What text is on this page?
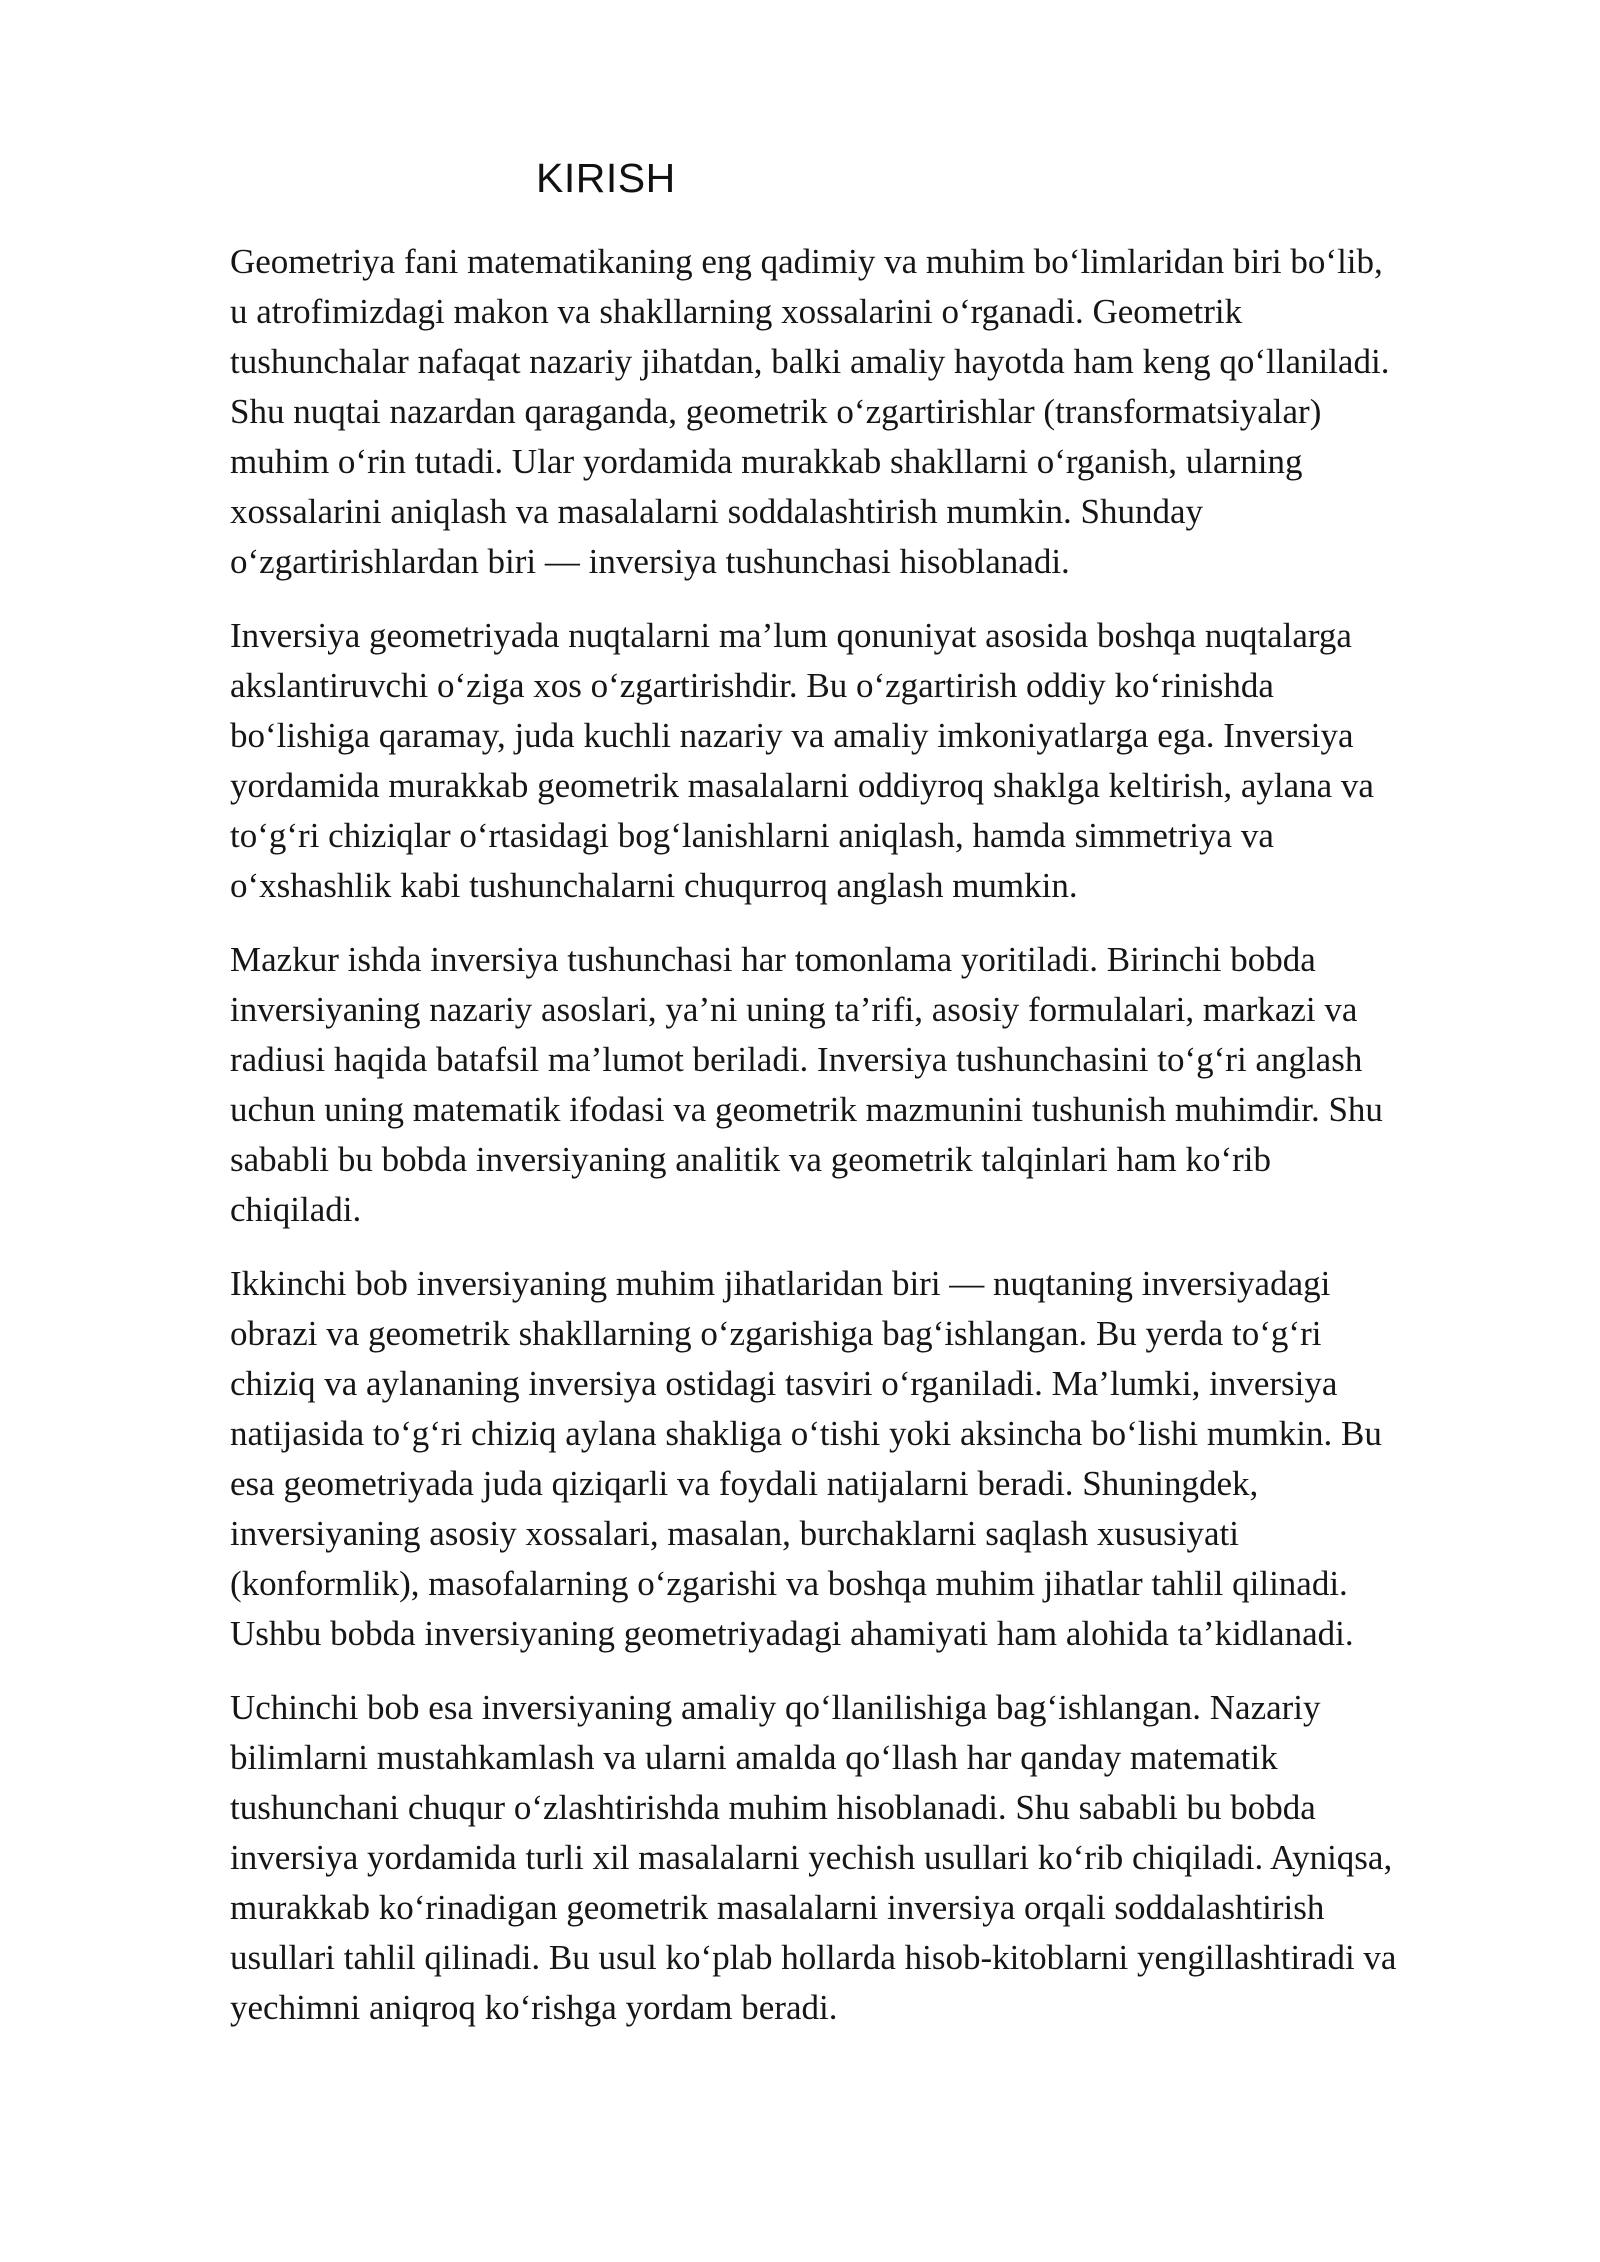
KIRISH

Geometriya fani matematikaning eng qadimiy va muhim bo‘limlaridan biri bo‘lib,
u atrofimizdagi makon va shakllarning xossalarini o‘rganadi. Geometrik
tushunchalar nafaqat nazariy jihatdan, balki amaliy hayotda ham keng qo‘llaniladi.
Shu nuqtai nazardan qaraganda, geometrik o‘zgartirishlar (transformatsiyalar)
muhim o‘rin tutadi. Ular yordamida murakkab shakllarni o‘rganish, ularning
xossalarini aniqlash va masalalarni soddalashtirish mumkin. Shunday
o‘zgartirishlardan biri — inversiya tushunchasi hisoblanadi.

Inversiya geometriyada nuqtalarni ma’lum qonuniyat asosida boshqa nuqtalarga
akslantiruvchi o‘ziga xos o‘zgartirishdir. Bu o‘zgartirish oddiy ko‘rinishda
bo‘lishiga qaramay, juda kuchli nazariy va amaliy imkoniyatlarga ega. Inversiya
yordamida murakkab geometrik masalalarni oddiyroq shaklga keltirish, aylana va
to‘g‘ri chiziqlar o‘rtasidagi bog‘lanishlarni aniqlash, hamda simmetriya va
o‘xshashlik kabi tushunchalarni chuqurroq anglash mumkin.

Mazkur ishda inversiya tushunchasi har tomonlama yoritiladi. Birinchi bobda
inversiyaning nazariy asoslari, ya’ni uning ta’rifi, asosiy formulalari, markazi va
radiusi haqida batafsil ma’lumot beriladi. Inversiya tushunchasini to‘g‘ri anglash
uchun uning matematik ifodasi va geometrik mazmunini tushunish muhimdir. Shu
sababli bu bobda inversiyaning analitik va geometrik talqinlari ham ko‘rib
chiqiladi.

Ikkinchi bob inversiyaning muhim jihatlaridan biri — nuqtaning inversiyadagi
obrazi va geometrik shakllarning o‘zgarishiga bag‘ishlangan. Bu yerda to‘g‘ri
chiziq va aylananing inversiya ostidagi tasviri o‘rganiladi. Ma’lumki, inversiya
natijasida to‘g‘ri chiziq aylana shakliga o‘tishi yoki aksincha bo‘lishi mumkin. Bu
esa geometriyada juda qiziqarli va foydali natijalarni beradi. Shuningdek,
inversiyaning asosiy xossalari, masalan, burchaklarni saqlash xususiyati
(konformlik), masofalarning o‘zgarishi va boshqa muhim jihatlar tahlil qilinadi.
Ushbu bobda inversiyaning geometriyadagi ahamiyati ham alohida ta’kidlanadi.

Uchinchi bob esa inversiyaning amaliy qo‘llanilishiga bag‘ishlangan. Nazariy
bilimlarni mustahkamlash va ularni amalda qo‘llash har qanday matematik
tushunchani chuqur o‘zlashtirishda muhim hisoblanadi. Shu sababli bu bobda
inversiya yordamida turli xil masalalarni yechish usullari ko‘rib chiqiladi. Ayniqsa,
murakkab ko‘rinadigan geometrik masalalarni inversiya orqali soddalashtirish
usullari tahlil qilinadi. Bu usul ko‘plab hollarda hisob-kitoblarni yengillashtiradi va
yechimni aniqroq ko‘rishga yordam beradi.
